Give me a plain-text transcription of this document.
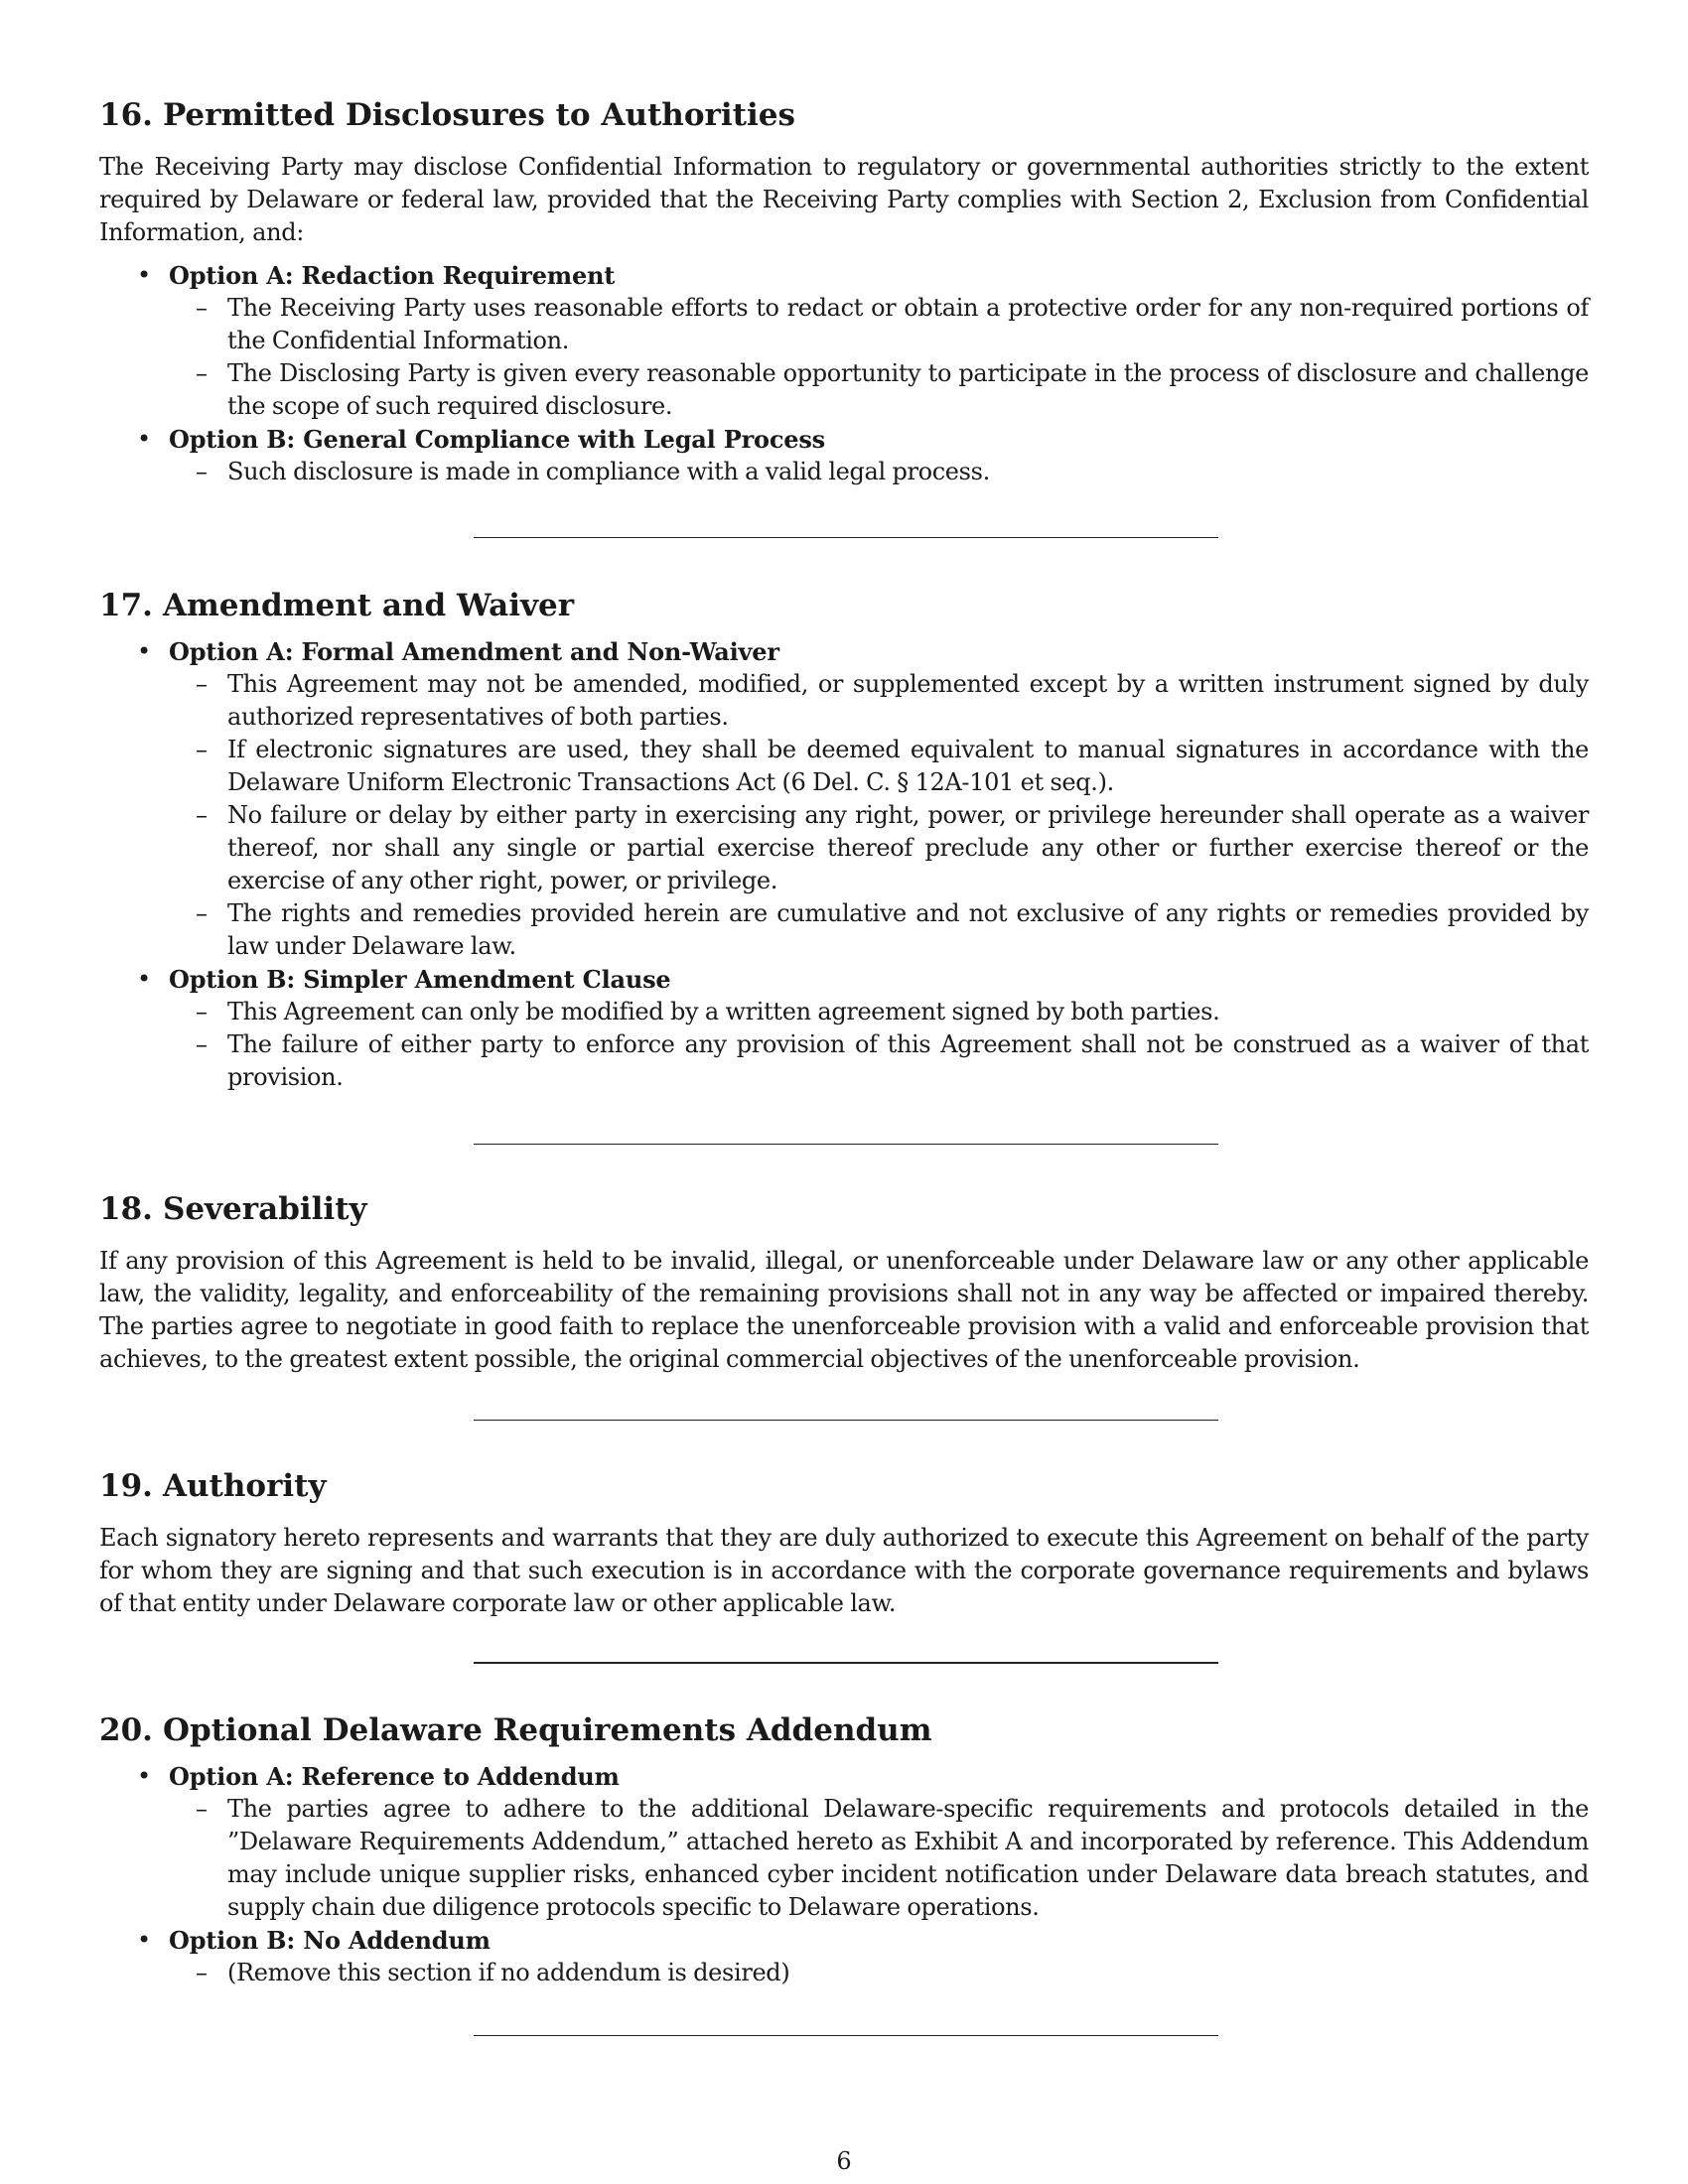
16. Permitted Disclosures to Authorities

The Receiving Party may disclose Confidential Information to regulatory or governmental authorities strictly to the extent required by Delaware or federal law, provided that the Receiving Party complies with Section 2, Exclusion from Confidential Information, and:

• Option A: Redaction Requirement
– The Receiving Party uses reasonable efforts to redact or obtain a protective order for any non-required portions of the Confidential Information.
– The Disclosing Party is given every reasonable opportunity to participate in the process of disclosure and challenge the scope of such required disclosure.
• Option B: General Compliance with Legal Process
– Such disclosure is made in compliance with a valid legal process.
17. Amendment and Waiver
• Option A: Formal Amendment and Non-Waiver
– This Agreement may not be amended, modified, or supplemented except by a written instrument signed by duly authorized representatives of both parties.
– If electronic signatures are used, they shall be deemed equivalent to manual signatures in accordance with the Delaware Uniform Electronic Transactions Act (6 Del. C. § 12A-101 et seq.).
– No failure or delay by either party in exercising any right, power, or privilege hereunder shall operate as a waiver thereof, nor shall any single or partial exercise thereof preclude any other or further exercise thereof or the exercise of any other right, power, or privilege.
– The rights and remedies provided herein are cumulative and not exclusive of any rights or remedies provided by law under Delaware law.
• Option B: Simpler Amendment Clause
– This Agreement can only be modified by a written agreement signed by both parties.
– The failure of either party to enforce any provision of this Agreement shall not be construed as a waiver of that provision.
18. Severability

If any provision of this Agreement is held to be invalid, illegal, or unenforceable under Delaware law or any other applicable law, the validity, legality, and enforceability of the remaining provisions shall not in any way be affected or impaired thereby. The parties agree to negotiate in good faith to replace the unenforceable provision with a valid and enforceable provision that achieves, to the greatest extent possible, the original commercial objectives of the unenforceable provision.

19. Authority

Each signatory hereto represents and warrants that they are duly authorized to execute this Agreement on behalf of the party for whom they are signing and that such execution is in accordance with the corporate governance requirements and bylaws of that entity under Delaware corporate law or other applicable law.

20. Optional Delaware Requirements Addendum
• Option A: Reference to Addendum
– The parties agree to adhere to the additional Delaware-specific requirements and protocols detailed in the ”Delaware Requirements Addendum,” attached hereto as Exhibit A and incorporated by reference. This Addendum may include unique supplier risks, enhanced cyber incident notification under Delaware data breach statutes, and supply chain due diligence protocols specific to Delaware operations.
• Option B: No Addendum
– (Remove this section if no addendum is desired)
6
